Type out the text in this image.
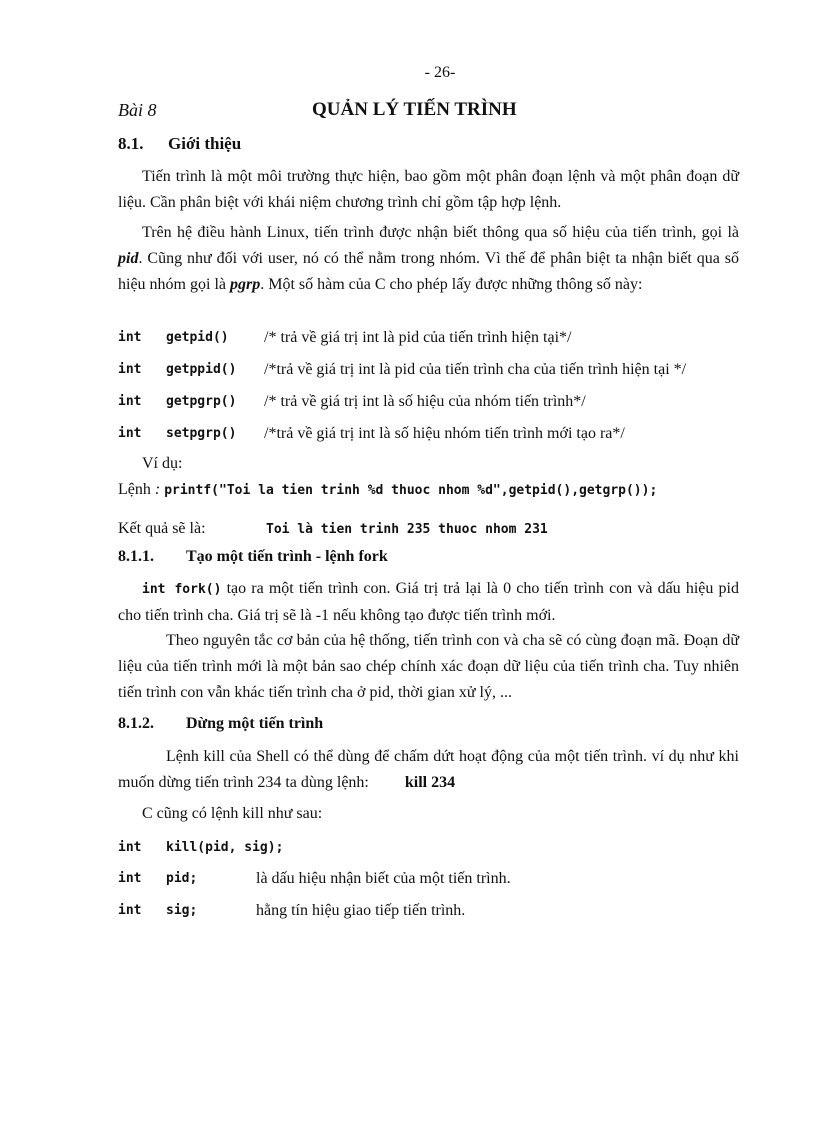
- 26-
Bài 8	QUẢN LÝ TIẾN TRÌNH
8.1. Giới thiệu
Tiến trình là một môi trường thực hiện, bao gồm một phân đoạn lệnh và một phân đoạn dữ liệu. Cần phân biệt với khái niệm chương trình chỉ gồm tập hợp lệnh.
Trên hệ điều hành Linux, tiến trình được nhận biết thông qua số hiệu của tiến trình, gọi là pid. Cũng như đối với user, nó có thể nằm trong nhóm. Vì thế để phân biệt ta nhận biết qua số hiệu nhóm gọi là pgrp. Một số hàm của C cho phép lấy được những thông số này:
int getpid() /* trả về giá trị int là pid của tiến trình hiện tại*/
int getppid() /*trả về giá trị int là pid của tiến trình cha của tiến trình hiện tại */
int getpgrp() /* trả về giá trị int là số hiệu của nhóm tiến trình*/
int setpgrp() /*trả về giá trị int là số hiệu nhóm tiến trình mới tạo ra*/
Ví dụ:
Lệnh : printf("Toi la tien trinh %d thuoc nhom %d",getpid(),getgrp());
Kết quả sẽ là:	Toi là tien trinh 235 thuoc nhom 231
8.1.1. Tạo một tiến trình - lệnh fork
int fork() tạo ra một tiến trình con. Giá trị trả lại là 0 cho tiến trình con và dấu hiệu pid cho tiến trình cha. Giá trị sẽ là -1 nếu không tạo được tiến trình mới.
Theo nguyên tắc cơ bản của hệ thống, tiến trình con và cha sẽ có cùng đoạn mã. Đoạn dữ liệu của tiến trình mới là một bản sao chép chính xác đoạn dữ liệu của tiến trình cha. Tuy nhiên tiến trình con vẫn khác tiến trình cha ở pid, thời gian xử lý, ...
8.1.2. Dừng một tiến trình
Lệnh kill của Shell có thể dùng để chấm dứt hoạt động của một tiến trình. ví dụ như khi muốn dừng tiến trình 234 ta dùng lệnh: kill 234
C cũng có lệnh kill như sau:
int kill(pid, sig);
int pid;	là dấu hiệu nhận biết của một tiến trình.
int sig;	hằng tín hiệu giao tiếp tiến trình.
